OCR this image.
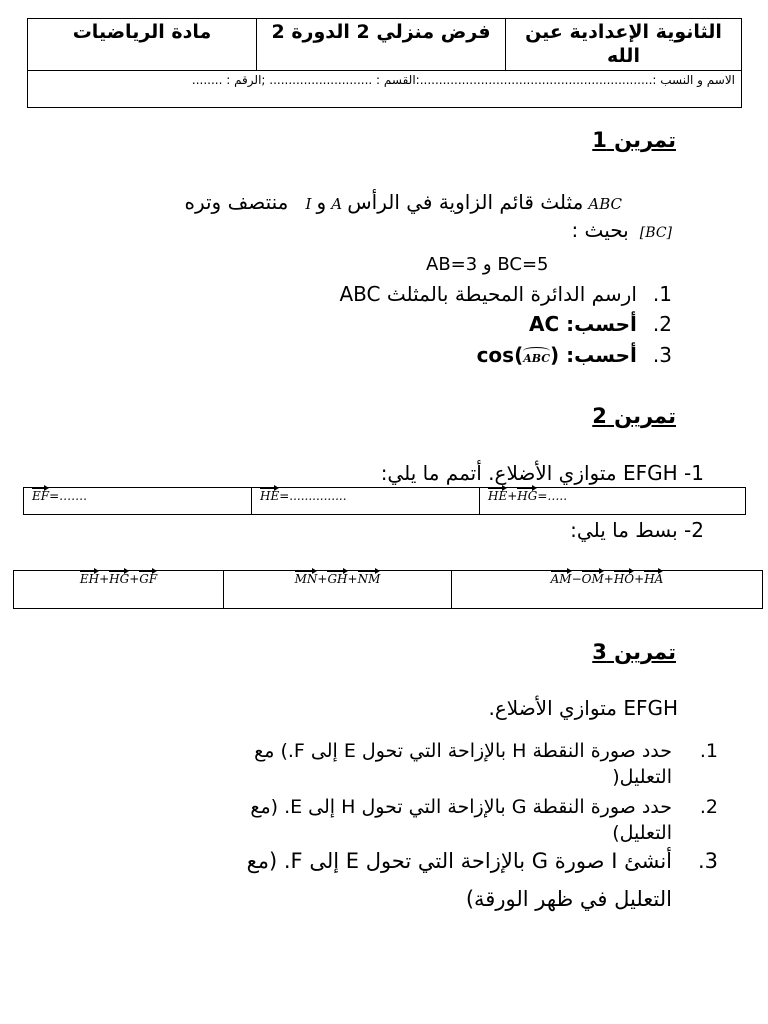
مادة الرياضيات	فرض منزلي 2 الدورة 2	الثانوية الإعدادية عين الله
الاسم و النسب :.............................................................:القسم : ........................... ;الرقم : ........
تمرين 1
ABC مثلث قائم الزاوية في الرأس A و I منتصف وتره
[BC] بحيث :
AB=3 و BC=5
1.ارسم الدائرة المحيطة بالمثلث ABC
2.أحسب: AC
3.أحسب: cos(ABC)
تمرين 2
1- EFGH متوازي الأضلاع. أتمم ما يلي:
EF=…….	HE=...............	HE+HG=…..
2- بسط ما يلي:
EH+HG+GF	MN+GH+NM	AM−OM+HO+HA
تمرين 3
EFGH متوازي الأضلاع.
1.
حدد صورة النقطة H بالإزاحة التي تحول E إلى F.) مع
التعليل(
2.
حدد صورة النقطة G بالإزاحة التي تحول H إلى E. (مع
التعليل)
3.
أنشئ I صورة G بالإزاحة التي تحول E إلى F. (مع
التعليل في ظهر الورقة)
